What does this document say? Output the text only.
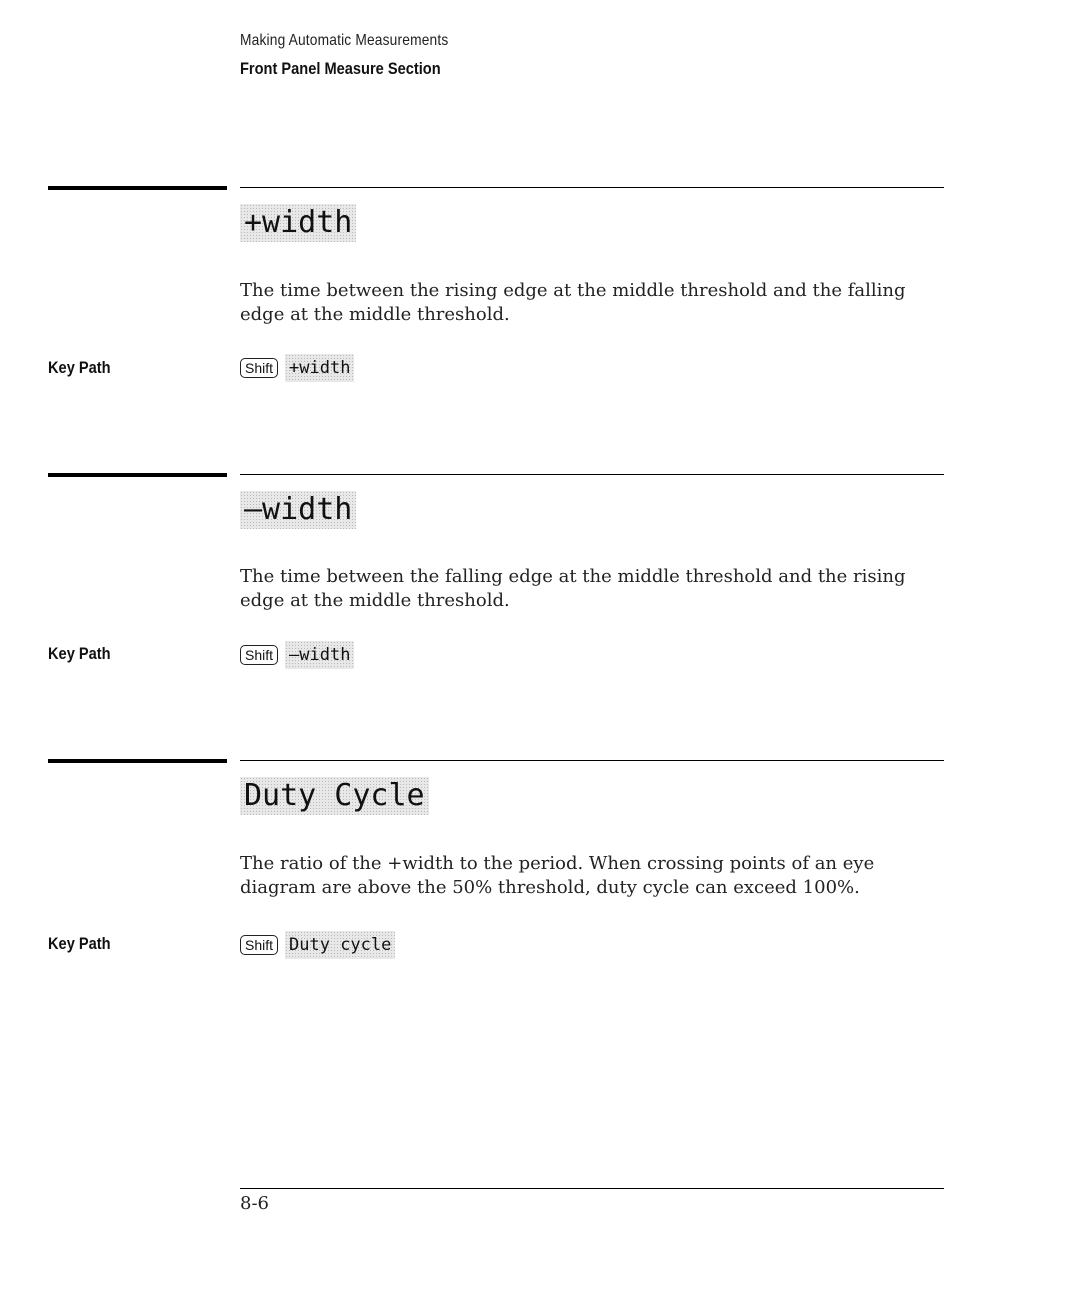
Making Automatic Measurements
Front Panel Measure Section
+width

The time between the rising edge at the middle threshold and the falling edge at the middle threshold.

Key Path	Shift +width
–width

The time between the falling edge at the middle threshold and the rising edge at the middle threshold.

Key Path	Shift –width
Duty Cycle

The ratio of the +width to the period. When crossing points of an eye diagram are above the 50% threshold, duty cycle can exceed 100%.

Key Path	Shift Duty cycle
8-6
